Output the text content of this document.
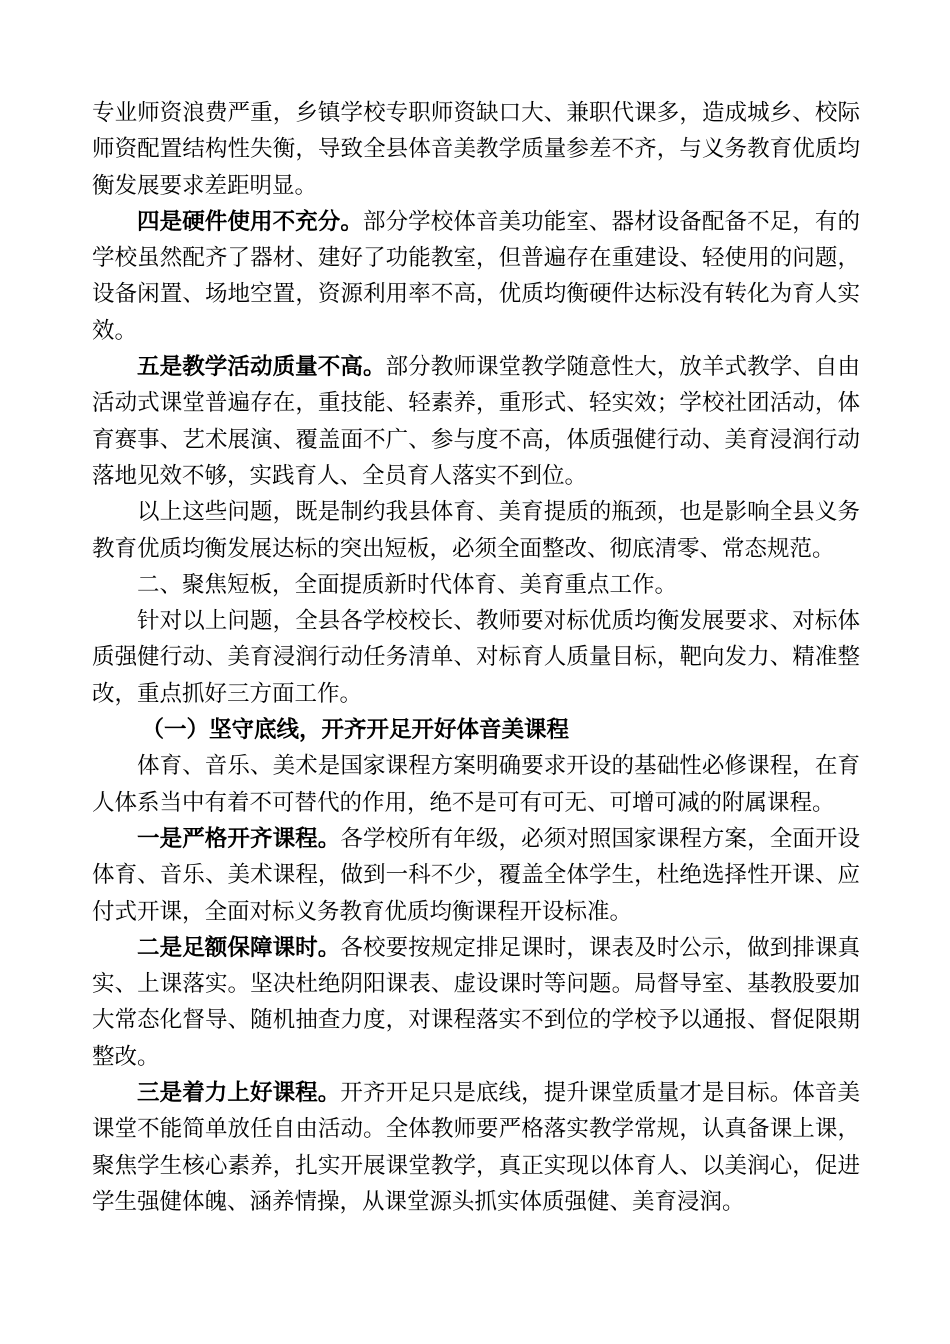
专业师资浪费严重，乡镇学校专职师资缺口大、兼职代课多，造成城乡、校际师资配置结构性失衡，导致全县体音美教学质量参差不齐，与义务教育优质均衡发展要求差距明显。

四是硬件使用不充分。部分学校体音美功能室、器材设备配备不足，有的学校虽然配齐了器材、建好了功能教室，但普遍存在重建设、轻使用的问题，设备闲置、场地空置，资源利用率不高，优质均衡硬件达标没有转化为育人实效。

五是教学活动质量不高。部分教师课堂教学随意性大，放羊式教学、自由活动式课堂普遍存在，重技能、轻素养，重形式、轻实效；学校社团活动，体育赛事、艺术展演、覆盖面不广、参与度不高，体质强健行动、美育浸润行动落地见效不够，实践育人、全员育人落实不到位。

以上这些问题，既是制约我县体育、美育提质的瓶颈，也是影响全县义务教育优质均衡发展达标的突出短板，必须全面整改、彻底清零、常态规范。

二、聚焦短板，全面提质新时代体育、美育重点工作。

针对以上问题，全县各学校校长、教师要对标优质均衡发展要求、对标体质强健行动、美育浸润行动任务清单、对标育人质量目标，靶向发力、精准整改，重点抓好三方面工作。

（一）坚守底线，开齐开足开好体音美课程

体育、音乐、美术是国家课程方案明确要求开设的基础性必修课程，在育人体系当中有着不可替代的作用，绝不是可有可无、可增可减的附属课程。

一是严格开齐课程。各学校所有年级，必须对照国家课程方案，全面开设体育、音乐、美术课程，做到一科不少，覆盖全体学生，杜绝选择性开课、应付式开课，全面对标义务教育优质均衡课程开设标准。

二是足额保障课时。各校要按规定排足课时，课表及时公示，做到排课真实、上课落实。坚决杜绝阴阳课表、虚设课时等问题。局督导室、基教股要加大常态化督导、随机抽查力度，对课程落实不到位的学校予以通报、督促限期整改。

三是着力上好课程。开齐开足只是底线，提升课堂质量才是目标。体音美课堂不能简单放任自由活动。全体教师要严格落实教学常规，认真备课上课，聚焦学生核心素养，扎实开展课堂教学，真正实现以体育人、以美润心，促进学生强健体魄、涵养情操，从课堂源头抓实体质强健、美育浸润。
